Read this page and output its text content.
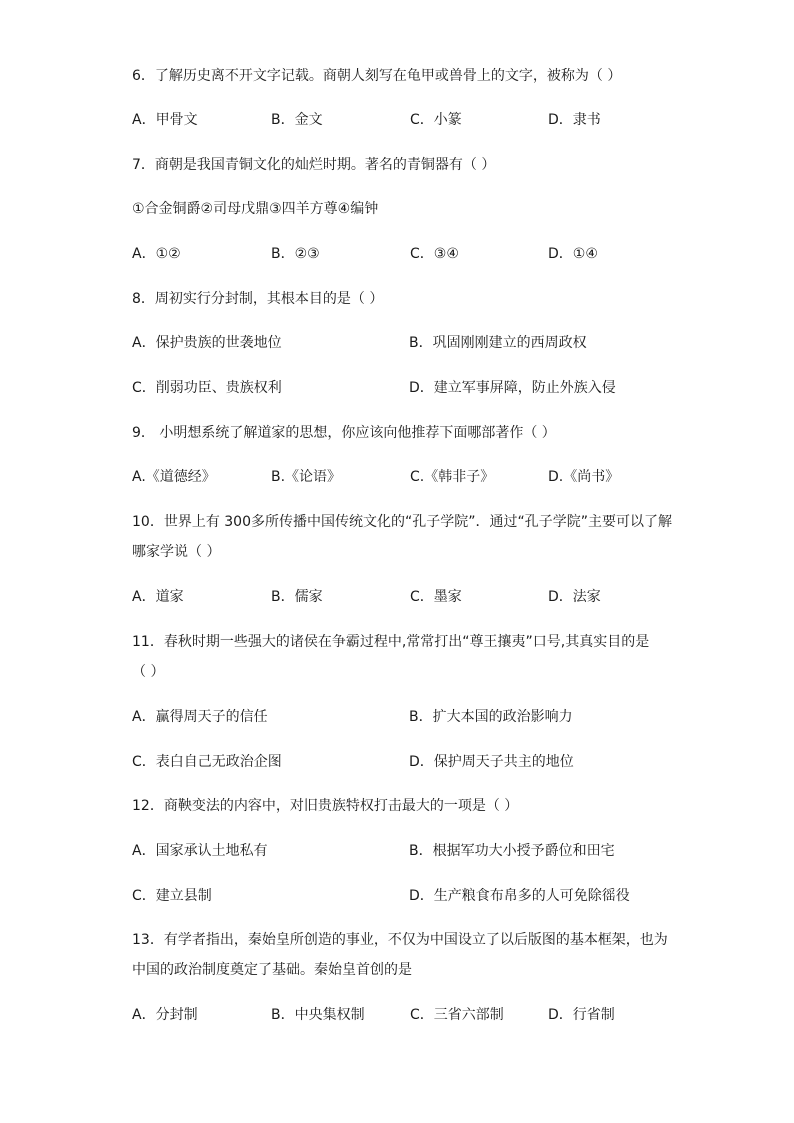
6．了解历史离不开文字记载。商朝人刻写在龟甲或兽骨上的文字，被称为（ ）
A．甲骨文	B．金文	C．小篆	D．隶书
7．商朝是我国青铜文化的灿烂时期。著名的青铜器有（ ）
①合金铜爵②司母戊鼎③四羊方尊④编钟
A．①②	B．②③	C．③④	D．①④
8．周初实行分封制，其根本目的是（ ）
A．保护贵族的世袭地位	B．巩固刚刚建立的西周政权
C．削弱功臣、贵族权利	D．建立军事屏障，防止外族入侵
9． 小明想系统了解道家的思想，你应该向他推荐下面哪部著作（ ）
A.《道德经》	B.《论语》	C.《韩非子》	D.《尚书》
10．世界上有 300多所传播中国传统文化的“孔子学院”．通过“孔子学院”主要可以了解
哪家学说（ ）
A．道家	B．儒家	C．墨家	D．法家
11．春秋时期一些强大的诸侯在争霸过程中,常常打出“尊王攘夷”口号,其真实目的是
（ ）
A．赢得周天子的信任	B．扩大本国的政治影响力
C．表白自己无政治企图	D．保护周天子共主的地位
12．商鞅变法的内容中，对旧贵族特权打击最大的一项是（ ）
A．国家承认土地私有	B．根据军功大小授予爵位和田宅
C．建立县制	D．生产粮食布帛多的人可免除徭役
13．有学者指出，秦始皇所创造的事业，不仅为中国设立了以后版图的基本框架，也为
中国的政治制度奠定了基础。秦始皇首创的是
A．分封制	B．中央集权制	C．三省六部制	D．行省制
